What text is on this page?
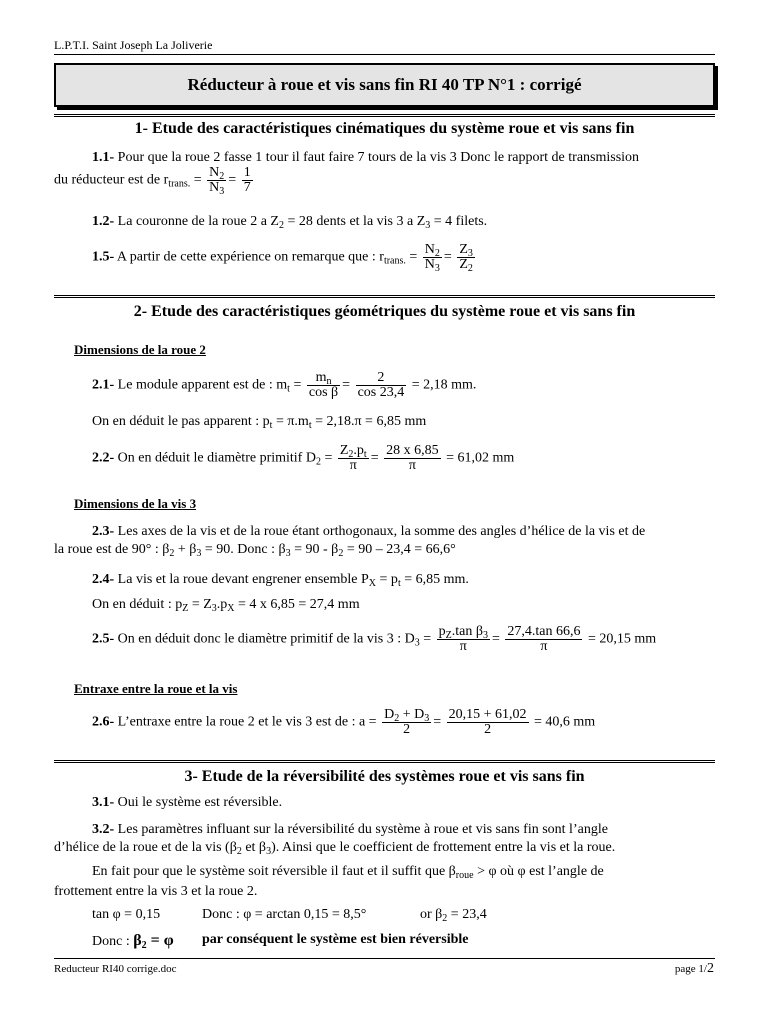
L.P.T.I. Saint Joseph La Joliverie
Réducteur à roue et vis sans fin RI 40 TP N°1 : corrigé
1- Etude des caractéristiques cinématiques du système roue et vis sans fin
1.1- Pour que la roue 2 fasse 1 tour il faut faire 7 tours de la vis 3 Donc le rapport de transmission
du réducteur est de $r_{trans.} = \frac{N_2}{N_3} = \frac{1}{7}$
1.2- La couronne de la roue 2 a $Z_2 = 28$ dents et la vis 3 a $Z_3 = 4$ filets.
1.5- A partir de cette expérience on remarque que : $r_{trans.} = \frac{N_2}{N_3} = \frac{Z_3}{Z_2}$
2- Etude des caractéristiques géométriques du système roue et vis sans fin
Dimensions de la roue 2
2.1- Le module apparent est de : $m_t = \frac{m_n}{\text{cos β}} = \frac{2}{\cos 23,4} = 2,18$ mm.
On en déduit le pas apparent : $p_t = \pi.m_t = 2,18.\pi = 6,85$ mm
2.2- On en déduit le diamètre primitif $D_2 = \frac{Z_2.p_t}{\pi} = \frac{28 x 6,85}{\pi} = 61,02$ mm
Dimensions de la vis 3
2.3- Les axes de la vis et de la roue étant orthogonaux, la somme des angles d’hélice de la vis et de
la roue est de 90° : $\beta_2 + \beta_3 = 90$. Donc : $\beta_3 = 90 - \beta_2 = 90 - 23,4 = 66,6^\circ$
2.4- La vis et la roue devant engrener ensemble $P_X = p_t = 6,85$ mm.
On en déduit : $p_Z = Z_3.p_X = 4$ x 6,85 = 27,4 mm
2.5- On en déduit donc le diamètre primitif de la vis 3 : $D_3 = \frac{p_Z.\tan \beta_3}{\pi} = \frac{27,4.\tan 66,6}{\pi} = 20,15$ mm
Entraxe entre la roue et la vis
2.6- L’entraxe entre la roue 2 et le vis 3 est de : $a = \frac{D_2 + D_3}{2} = \frac{20,15 + 61,02}{2} = 40,6$ mm
3- Etude de la réversibilité des systèmes roue et vis sans fin
3.1- Oui le système est réversible.
3.2- Les paramètres influant sur la réversibilité du système à roue et vis sans fin sont l’angle
d’hélice de la roue et de la vis ($\beta_2$ et $\beta_3$). Ainsi que le coefficient de frottement entre la vis et la roue.
En fait pour que le système soit réversible il faut et il suffit que $\beta_{roue} > \varphi$ où φ est l’angle de
frottement entre la vis 3 et la roue 2.
tan φ = 0,15	Donc : φ = arctan 0,15 = 8,5°	or $\beta_2 = 23,4$
Donc : $\beta_2 = \varphi$ par conséquent le système est bien réversible
Reducteur RI40 corrige.doc	page 1/2
